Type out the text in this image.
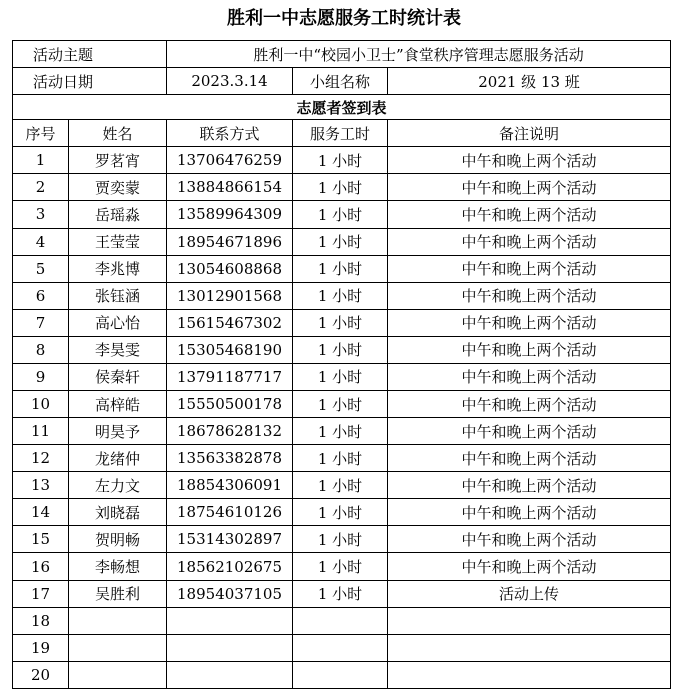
胜利一中志愿服务工时统计表
活动主题		胜利一中“校园小卫士”食堂秩序管理志愿服务活动		
活动日期		2023.3.14	小组名称	2021 级 13 班
志愿者签到表				
序号	姓名	联系方式	服务工时	备注说明
1	罗茗宵	13706476259	1 小时	中午和晚上两个活动
2	贾奕蒙	13884866154	1 小时	中午和晚上两个活动
3	岳瑶淼	13589964309	1 小时	中午和晚上两个活动
4	王莹莹	18954671896	1 小时	中午和晚上两个活动
5	李兆博	13054608868	1 小时	中午和晚上两个活动
6	张钰涵	13012901568	1 小时	中午和晚上两个活动
7	高心怡	15615467302	1 小时	中午和晚上两个活动
8	李昊雯	15305468190	1 小时	中午和晚上两个活动
9	侯秦轩	13791187717	1 小时	中午和晚上两个活动
10	高梓皓	15550500178	1 小时	中午和晚上两个活动
11	明昊予	18678628132	1 小时	中午和晚上两个活动
12	龙绪仲	13563382878	1 小时	中午和晚上两个活动
13	左力文	18854306091	1 小时	中午和晚上两个活动
14	刘晓磊	18754610126	1 小时	中午和晚上两个活动
15	贺明畅	15314302897	1 小时	中午和晚上两个活动
16	李畅想	18562102675	1 小时	中午和晚上两个活动
17	吴胜利	18954037105	1 小时	活动上传
18				
19				
20				
